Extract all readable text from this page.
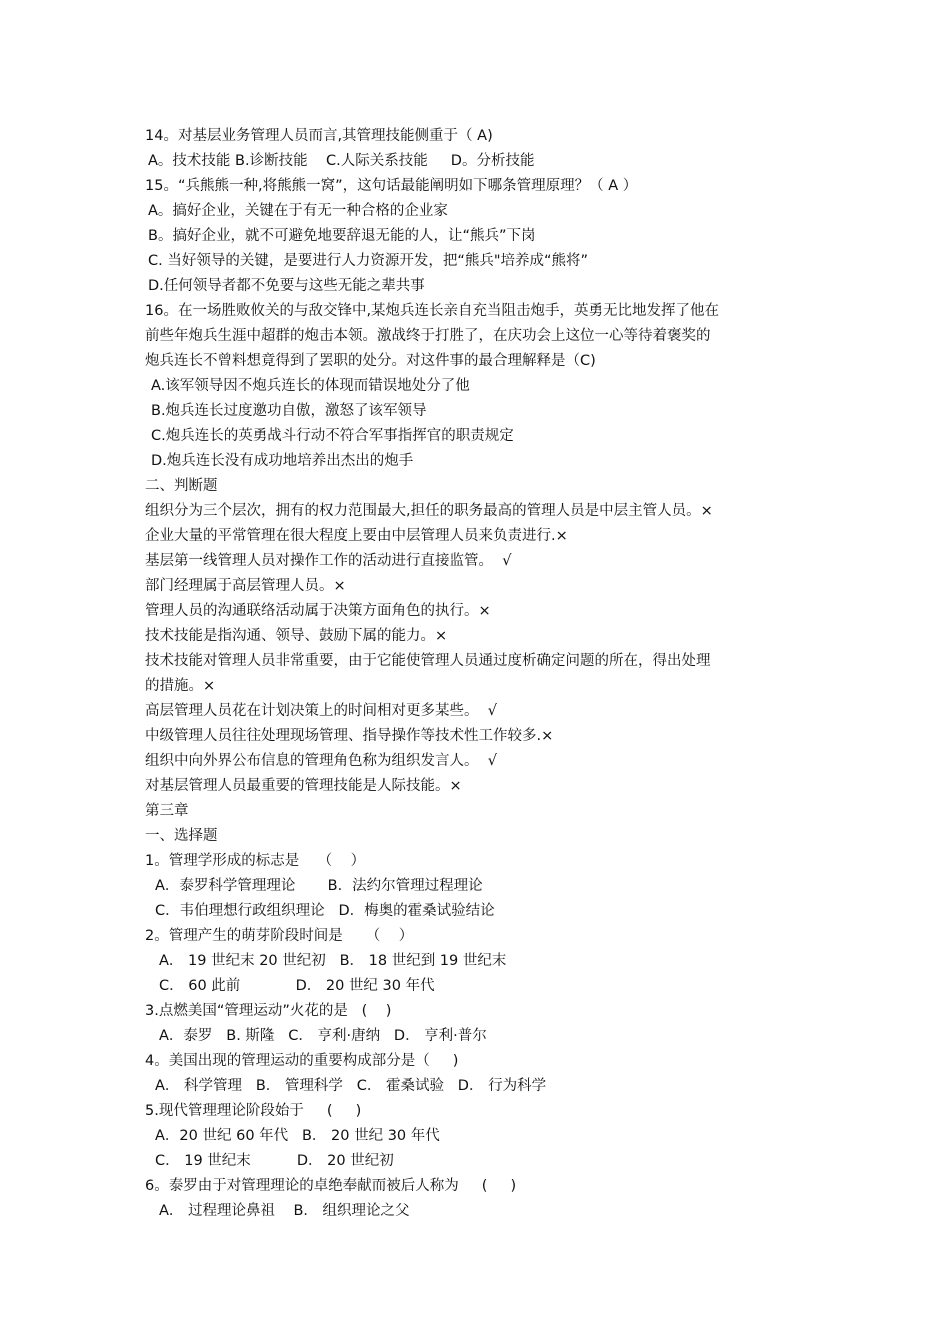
14。对基层业务管理人员而言,其管理技能侧重于（ A)
A。技术技能 B.诊断技能    C.人际关系技能     D。分析技能
15。“兵熊熊一种,将熊熊一窝”，这句话最能阐明如下哪条管理原理？（ A ）
A。搞好企业，关键在于有无一种合格的企业家
B。搞好企业，就不可避免地要辞退无能的人，让“熊兵”下岗
C. 当好领导的关键，是要进行人力资源开发，把“熊兵"培养成“熊将”
D.任何领导者都不免要与这些无能之辈共事
16。在一场胜败攸关的与敌交锋中,某炮兵连长亲自充当阻击炮手，英勇无比地发挥了他在
前些年炮兵生涯中超群的炮击本领。激战终于打胜了，在庆功会上这位一心等待着褒奖的
炮兵连长不曾料想竟得到了罢职的处分。对这件事的最合理解释是（C)
A.该军领导因不炮兵连长的体现而错误地处分了他
B.炮兵连长过度邀功自傲，激怒了该军领导
C.炮兵连长的英勇战斗行动不符合军事指挥官的职责规定
D.炮兵连长没有成功地培养出杰出的炮手
二、判断题
组织分为三个层次，拥有的权力范围最大,担任的职务最高的管理人员是中层主管人员。×
企业大量的平常管理在很大程度上要由中层管理人员来负责进行.×
基层第一线管理人员对操作工作的活动进行直接监管。  √
部门经理属于高层管理人员。×
管理人员的沟通联络活动属于决策方面角色的执行。×
技术技能是指沟通、领导、鼓励下属的能力。×
技术技能对管理人员非常重要，由于它能使管理人员通过度析确定问题的所在，得出处理
的措施。×
高层管理人员花在计划决策上的时间相对更多某些。  √
中级管理人员往往处理现场管理、指导操作等技术性工作较多.×
组织中向外界公布信息的管理角色称为组织发言人。  √
对基层管理人员最重要的管理技能是人际技能。×
第三章
一、选择题
1。管理学形成的标志是    （    ）
A．泰罗科学管理理论       B．法约尔管理过程理论
C．韦伯理想行政组织理论   D．梅奥的霍桑试验结论
2。管理产生的萌芽阶段时间是     （    ）
A． 19 世纪末 20 世纪初   B． 18 世纪到 19 世纪末
C． 60 此前            D． 20 世纪 30 年代
3.点燃美国“管理运动”火花的是   (    )
A．泰罗   B. 斯隆   C． 亨利·唐纳   D． 亨利·普尔
4。美国出现的管理运动的重要构成部分是（     )
A． 科学管理   B． 管理科学   C． 霍桑试验   D． 行为科学
5.现代管理理论阶段始于     (     )
A．20 世纪 60 年代   B． 20 世纪 30 年代
C． 19 世纪末          D． 20 世纪初
6。泰罗由于对管理理论的卓绝奉献而被后人称为     (     )
A． 过程理论鼻祖    B． 组织理论之父
